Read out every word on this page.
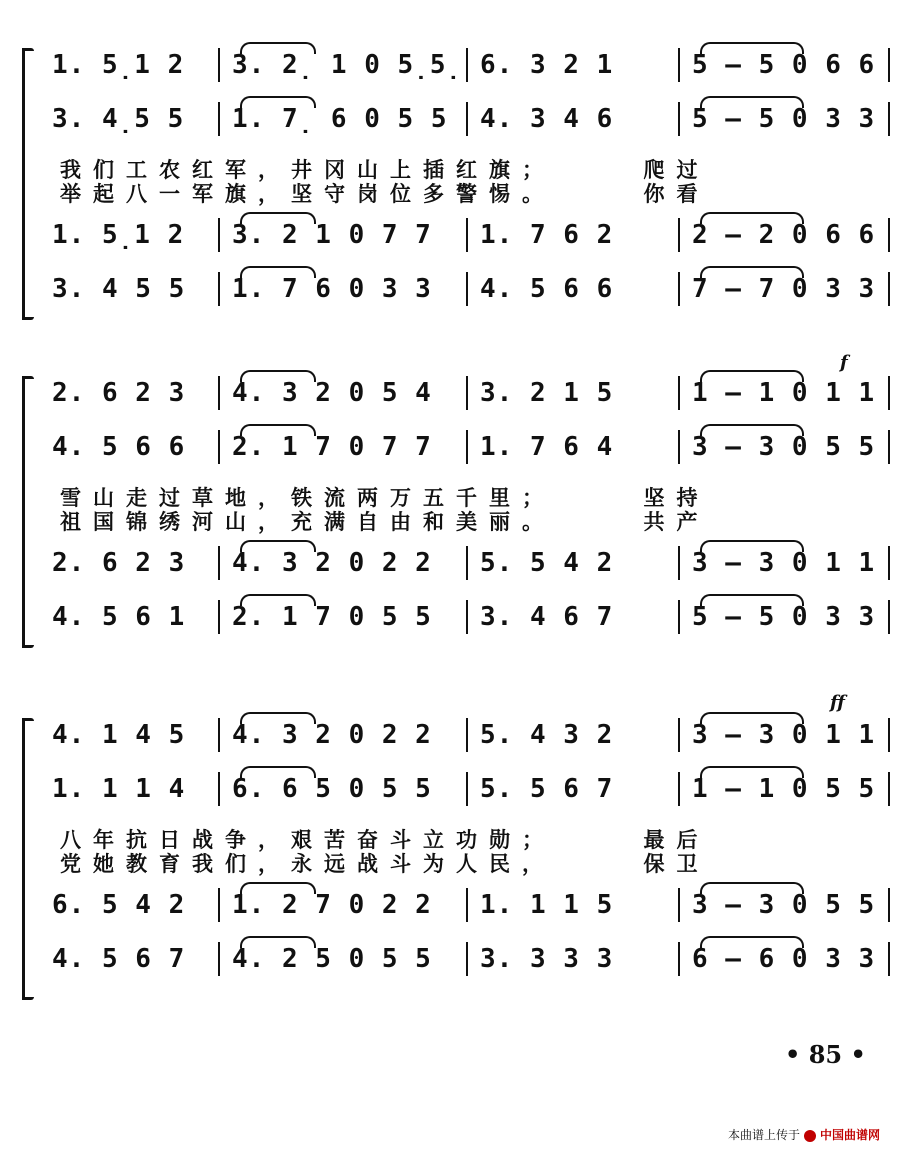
f
ff
1. 5̣1 2 3. 2̣ 1 0 5̣5̣ 6. 3 2 1	5 — 5 0 6 6
3. 4̣5 5 1. 7̣ 6 0 5 5 4. 3 4 6	5 — 5 0 3 3
我们工农红军，井冈山上插红旗；　　　爬过
举起八一军旗，坚守岗位多警惕。　　　你看
1. 5̣1 2 3. 2 1 0 7 7 1. 7 6 2	2 — 2 0 6 6
3. 4 5 5 1. 7 6 0 3 3 4. 5 6 6	7 — 7 0 3 3
2. 6 2 3 4. 3 2 0 5 4 3. 2 1 5	1 — 1 0 1 1
4. 5 6 6 2. 1 7 0 7 7 1. 7 6 4	3 — 3 0 5 5
雪山走过草地，铁流两万五千里；　　　坚持
祖国锦绣河山，充满自由和美丽。　　　共产
2. 6 2 3 4. 3 2 0 2 2 5. 5 4 2	3 — 3 0 1 1
4. 5 6 1 2. 1 7 0 5 5 3. 4 6 7	5 — 5 0 3 3
4. 1 4 5 4. 3 2 0 2 2 5. 4 3 2	3 — 3 0 1 1
1. 1 1 4 6. 6 5 0 5 5 5. 5 6 7	1 — 1 0 5 5
八年抗日战争，艰苦奋斗立功勋；　　　最后
党她教育我们，永远战斗为人民，　　　保卫
6. 5 4 2 1. 2 7 0 2 2 1. 1 1 5	3 — 3 0 5 5
4. 5 6 7 4. 2 5 0 5 5 3. 3 3 3	6 — 6 0 3 3
• 85 •
本曲谱上传于 中国曲谱网
